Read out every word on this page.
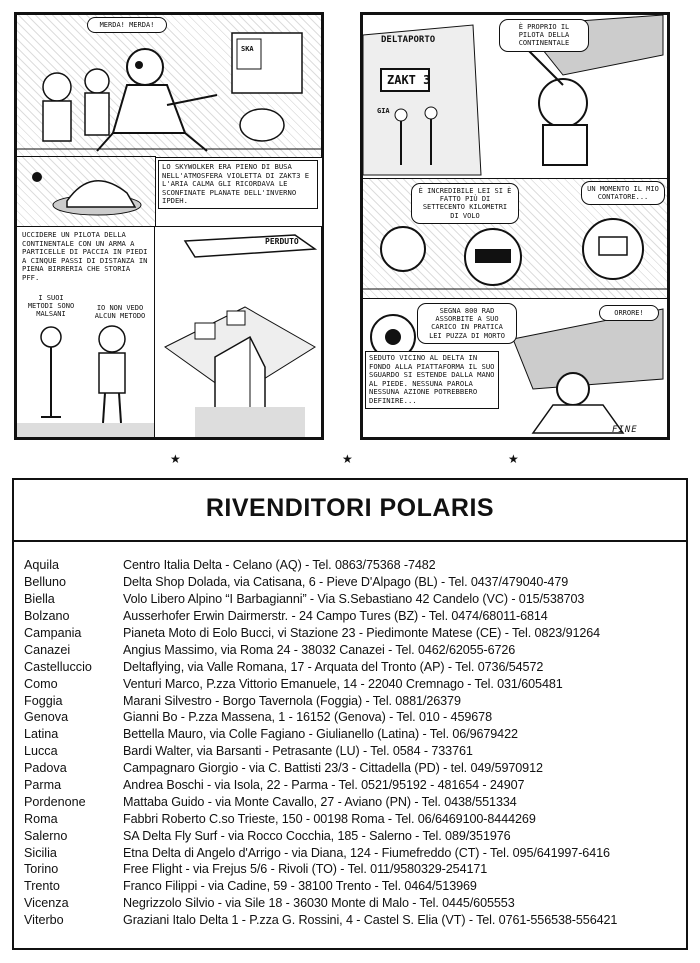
MERDA! MERDA!
SKA
LO SKYWOLKER ERA PIENO DI BUSA NELL'ATMOSFERA VIOLETTA DI ZAKT3 E L'ARIA CALMA GLI RICORDAVA LE SCONFINATE PLANATE DELL'INVERNO IPDEH.
UCCIDERE UN PILOTA DELLA CONTINENTALE CON UN ARMA A PARTICELLE DI PACCIA IN PIEDI A CINQUE PASSI DI DISTANZA IN PIENA BIRRERIA CHE STORIA PFF.
I SUOI METODI SONO MALSANI
IO NON VEDO ALCUN METODO
PERDUTO
DELTAPORTO
ZAKT 3
GIA
È PROPRIO IL PILOTA DELLA CONTINENTALE
È INCREDIBILE LEI SI È FATTO PIÙ DI SETTECENTO KILOMETRI DI VOLO
UN MOMENTO IL MIO CONTATORE...
SEGNA 800 RAD ASSORBITE A SUO CARICO IN PRATICA LEI PUZZA DI MORTO
ORRORE!
SEDUTO VICINO AL DELTA IN FONDO ALLA PIATTAFORMA IL SUO SGUARDO SI ESTENDE DALLA MANO AL PIEDE. NESSUNA PAROLA NESSUNA AZIONE POTREBBERO DEFINIRE...
FINE
★	★	★
RIVENDITORI POLARIS
Aquila	Centro Italia Delta - Celano (AQ) - Tel. 0863/75368 -7482
Belluno	Delta Shop Dolada, via Catisana, 6 - Pieve D'Alpago (BL) - Tel. 0437/479040-479
Biella	Volo Libero Alpino “I Barbagianni” - Via S.Sebastiano 42 Candelo (VC) - 015/538703
Bolzano	Ausserhofer Erwin Dairmerstr. - 24 Campo Tures (BZ) - Tel. 0474/68011-6814
Campania	Pianeta Moto di Eolo Bucci, vi Stazione 23 - Piedimonte Matese (CE) - Tel. 0823/91264
Canazei	Angius Massimo, via Roma 24 - 38032 Canazei - Tel. 0462/62055-6726
Castelluccio	Deltaflying, via Valle Romana, 17 - Arquata del Tronto (AP) - Tel. 0736/54572
Como	Venturi Marco, P.zza Vittorio Emanuele, 14 - 22040 Cremnago - Tel. 031/605481
Foggia	Marani Silvestro - Borgo Tavernola (Foggia) - Tel. 0881/26379
Genova	Gianni Bo - P.zza Massena, 1 - 16152 (Genova) - Tel. 010 - 459678
Latina	Bettella Mauro, via Colle Fagiano - Giulianello (Latina) - Tel. 06/9679422
Lucca	Bardi Walter, via Barsanti - Petrasante (LU) - Tel. 0584 - 733761
Padova	Campagnaro Giorgio - via C. Battisti 23/3 - Cittadella (PD) - tel. 049/5970912
Parma	Andrea Boschi - via Isola, 22 - Parma - Tel. 0521/95192 - 481654 - 24907
Pordenone	Mattaba Guido - via Monte Cavallo, 27 - Aviano (PN) - Tel. 0438/551334
Roma	Fabbri Roberto C.so Trieste, 150 - 00198 Roma - Tel. 06/6469100-8444269
Salerno	SA Delta Fly Surf - via Rocco Cocchia, 185 - Salerno - Tel. 089/351976
Sicilia	Etna Delta di Angelo d'Arrigo - via Diana, 124 - Fiumefreddo (CT) - Tel. 095/641997-6416
Torino	Free Flight - via Frejus 5/6 - Rivoli (TO) - Tel. 011/9580329-254171
Trento	Franco Filippi - via Cadine, 59 - 38100 Trento - Tel. 0464/513969
Vicenza	Negrizzolo Silvio - via Sile 18 - 36030 Monte di Malo - Tel. 0445/605553
Viterbo	Graziani Italo Delta 1 - P.zza G. Rossini, 4 - Castel S. Elia (VT) - Tel. 0761-556538-556421
